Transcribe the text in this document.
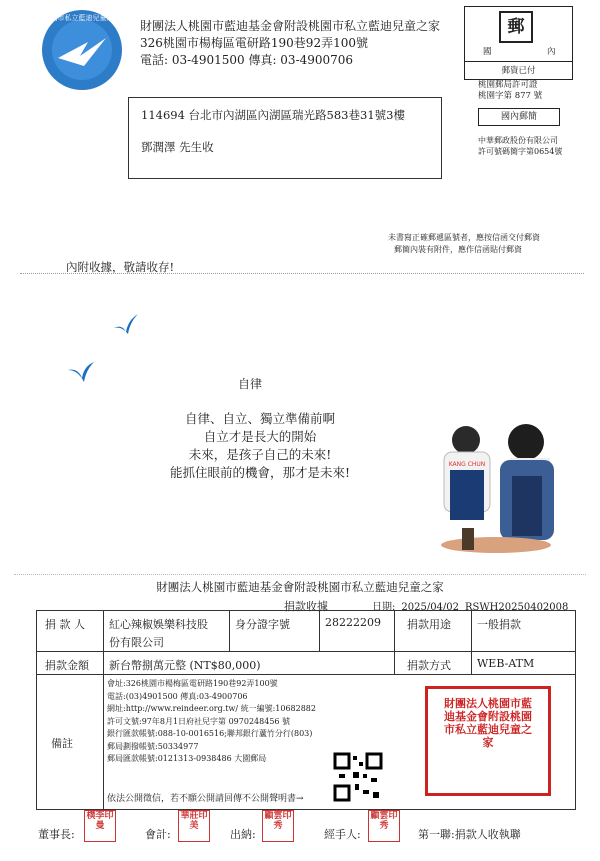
桃園市私立藍迪兒童之家
財團法人桃園市藍迪基金會附設桃園市私立藍迪兒童之家
326桃園市楊梅區電研路190巷92弄100號
電話: 03-4901500 傳真: 03-4900706
郵
國	內
郵資已付
桃園郵局許可證
桃園字第 877 號
國內郵簡
中華郵政股份有限公司
許可號碼簡字第0654號
114694 台北市內湖區內湖區瑞光路583巷31號3樓
鄧潤澤 先生收
未書寫正確郵遞區號者，應按信函交付郵資
郵簡內裝有附件，應作信函貼付郵資
內附收據，敬請收存!
自律
自律、自立、獨立準備前啊
自立才是長大的開始
未來，是孩子自己的未來!
能抓住眼前的機會，那才是未來!
KANG CHUN
財團法人桃園市藍迪基金會附設桃園市私立藍迪兒童之家
捐款收據	日期: 2025/04/02 RSWH20250402008
捐 款 人 紅心辣椒娛樂科技股
份有限公司
身分證字號	28222209 捐款用途 一般捐款
捐款金額 新台幣捌萬元整 (NT$80,000)	捐款方式 WEB-ATM
備註
會址:326桃園市楊梅區電研路190巷92弄100號
電話:(03)4901500 傳真:03-4900706
網址:http://www.reindeer.org.tw/ 統一編號:10682882
許可文號:97年8月1日府社兒字第 0970248456 號
銀行匯款帳號:088-10-0016516;聯邦銀行蘆竹分行(803)
郵局劃撥帳號:50334977
郵局匯款帳號:0121313-0938486 大園郵局
依法公開徵信，若不願公開請回傳不公開聲明書→
財團法人桃園市藍迪基金會附設桃園市私立藍迪兒童之家
董事長:
樸李印曼
會計:
華莊印美
出納:
顧雲印秀
經手人:
顧雲印秀
第一聯:捐款人收執聯
